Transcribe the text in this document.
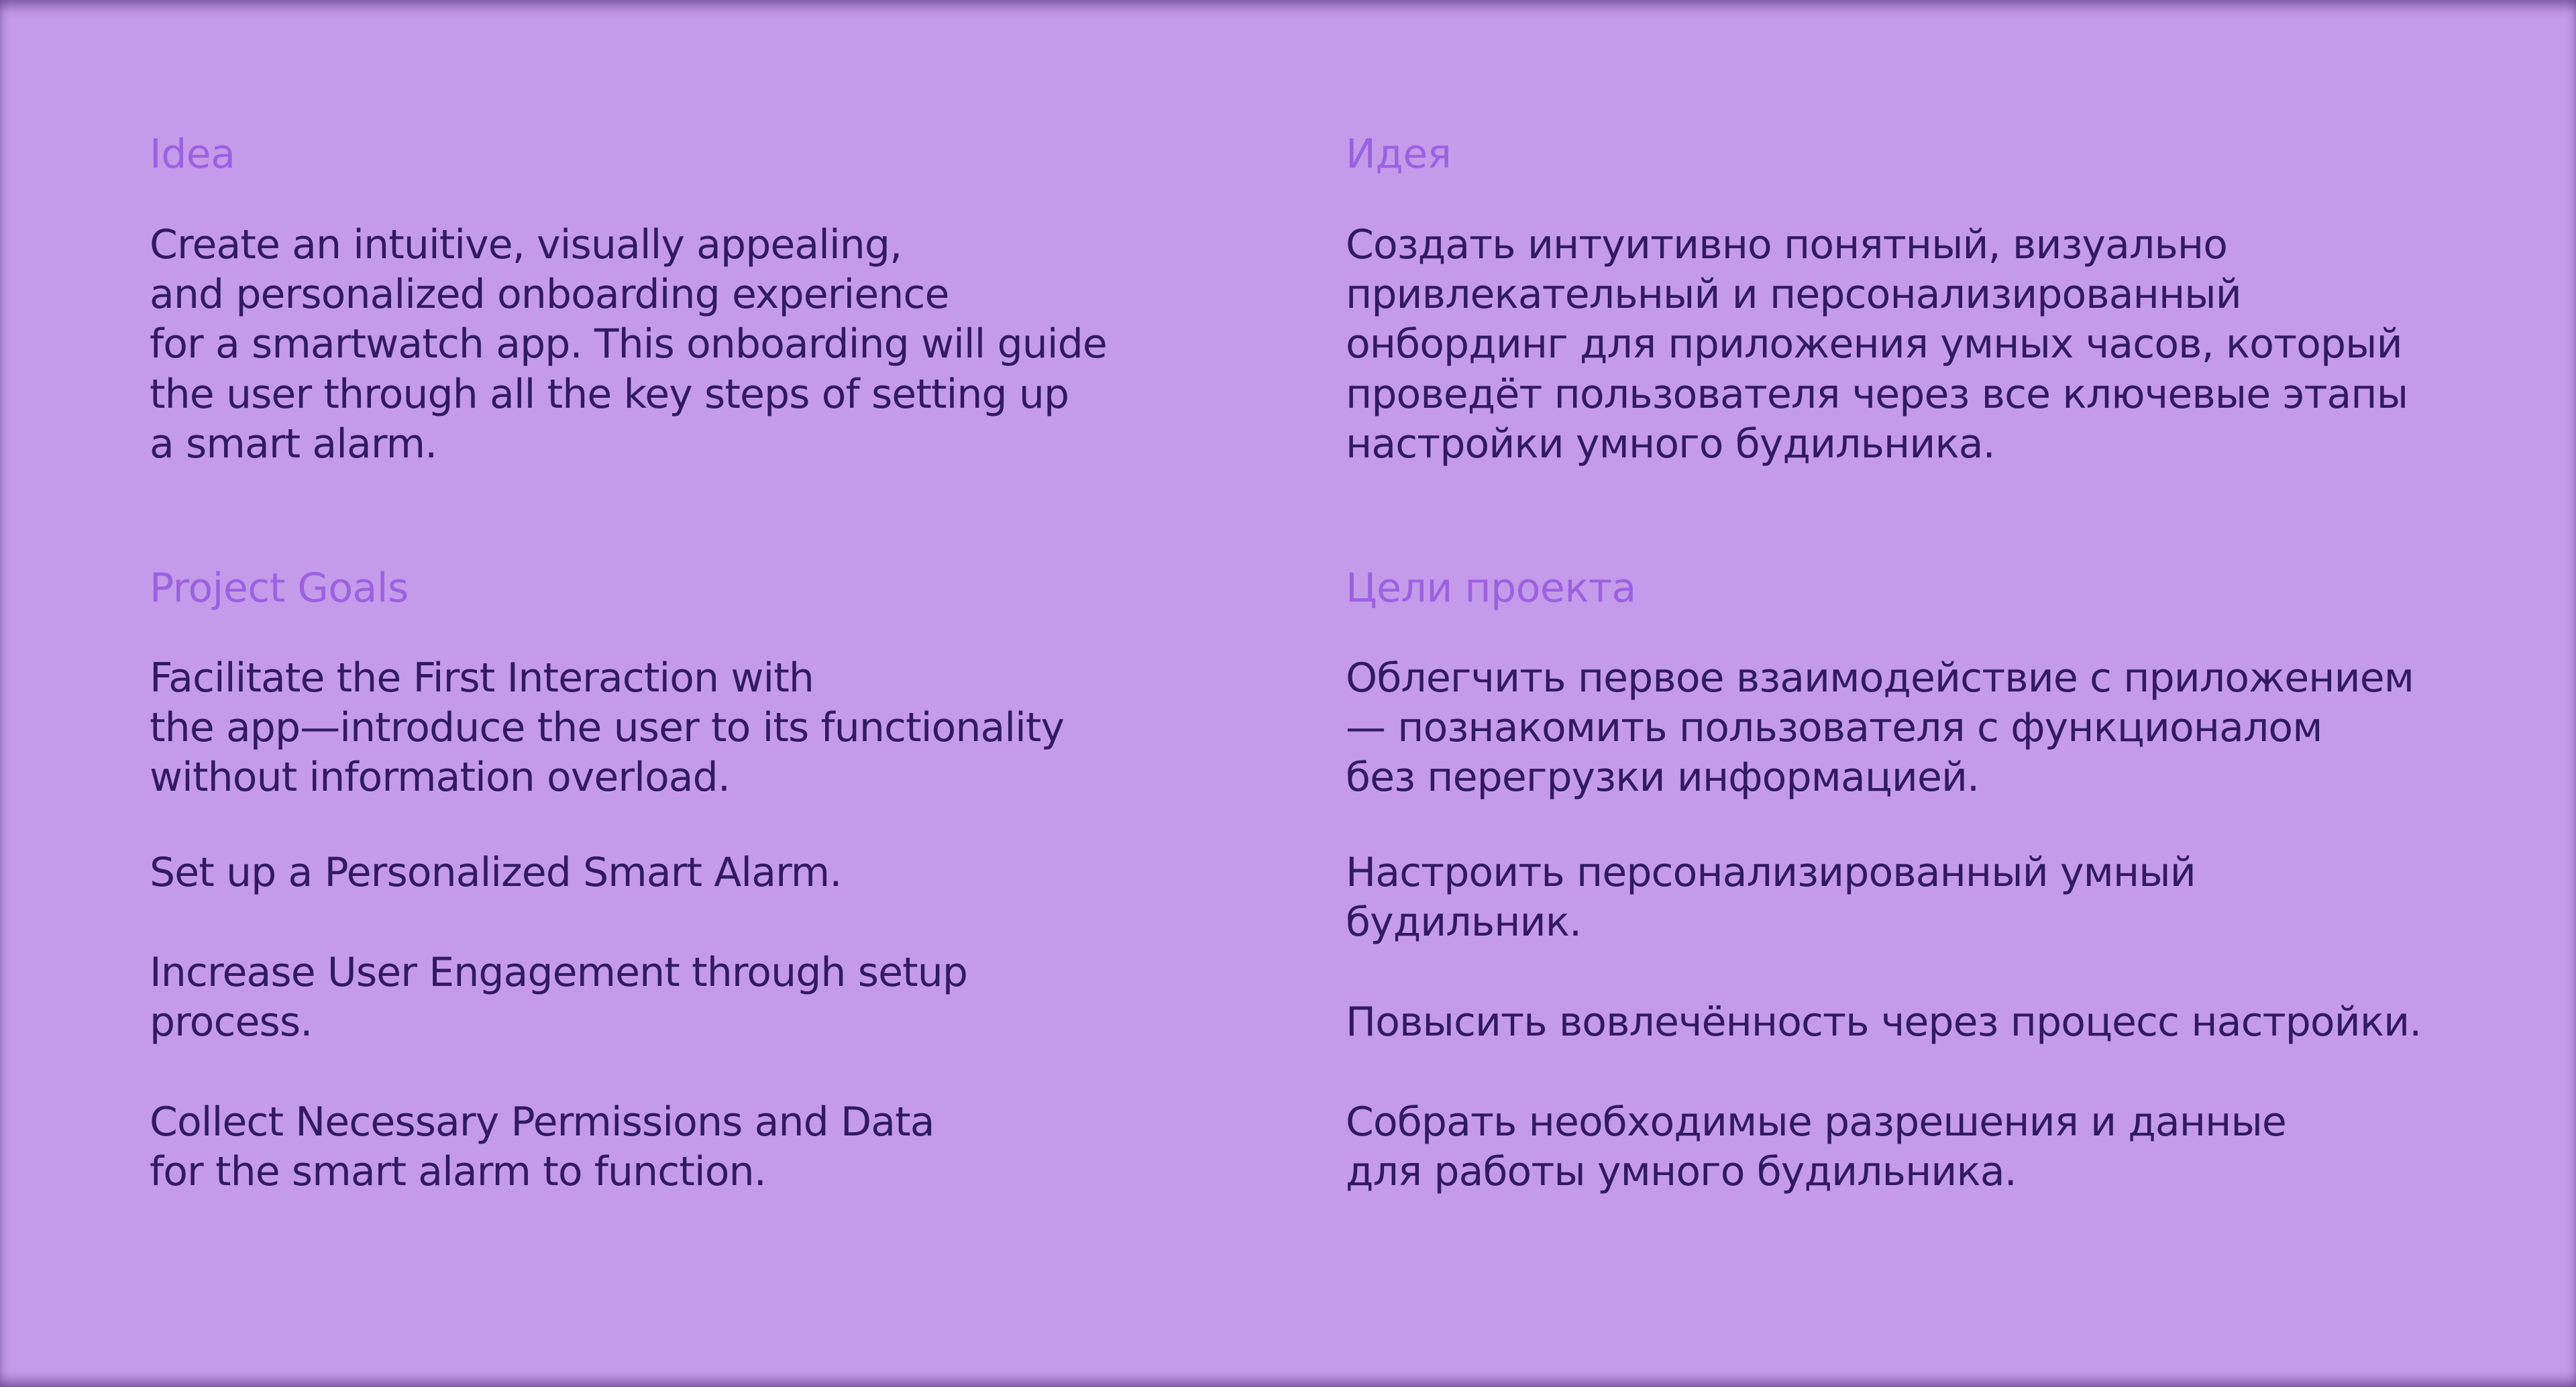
Idea
Create an intuitive, visually appealing,
and personalized onboarding experience
for a smartwatch app. This onboarding will guide
the user through all the key steps of setting up
a smart alarm.
Project Goals
Facilitate the First Interaction with
the app—introduce the user to its functionality
without information overload.
Set up a Personalized Smart Alarm.
Increase User Engagement through setup
process.
Collect Necessary Permissions and Data
for the smart alarm to function.
Идея
Создать интуитивно понятный, визуально
привлекательный и персонализированный
онбординг для приложения умных часов, который
проведёт пользователя через все ключевые этапы
настройки умного будильника.
Цели проекта
Облегчить первое взаимодействие с приложением
— познакомить пользователя с функционалом
без перегрузки информацией.
Настроить персонализированный умный
будильник.
Повысить вовлечённость через процесс настройки.
Собрать необходимые разрешения и данные
для работы умного будильника.
